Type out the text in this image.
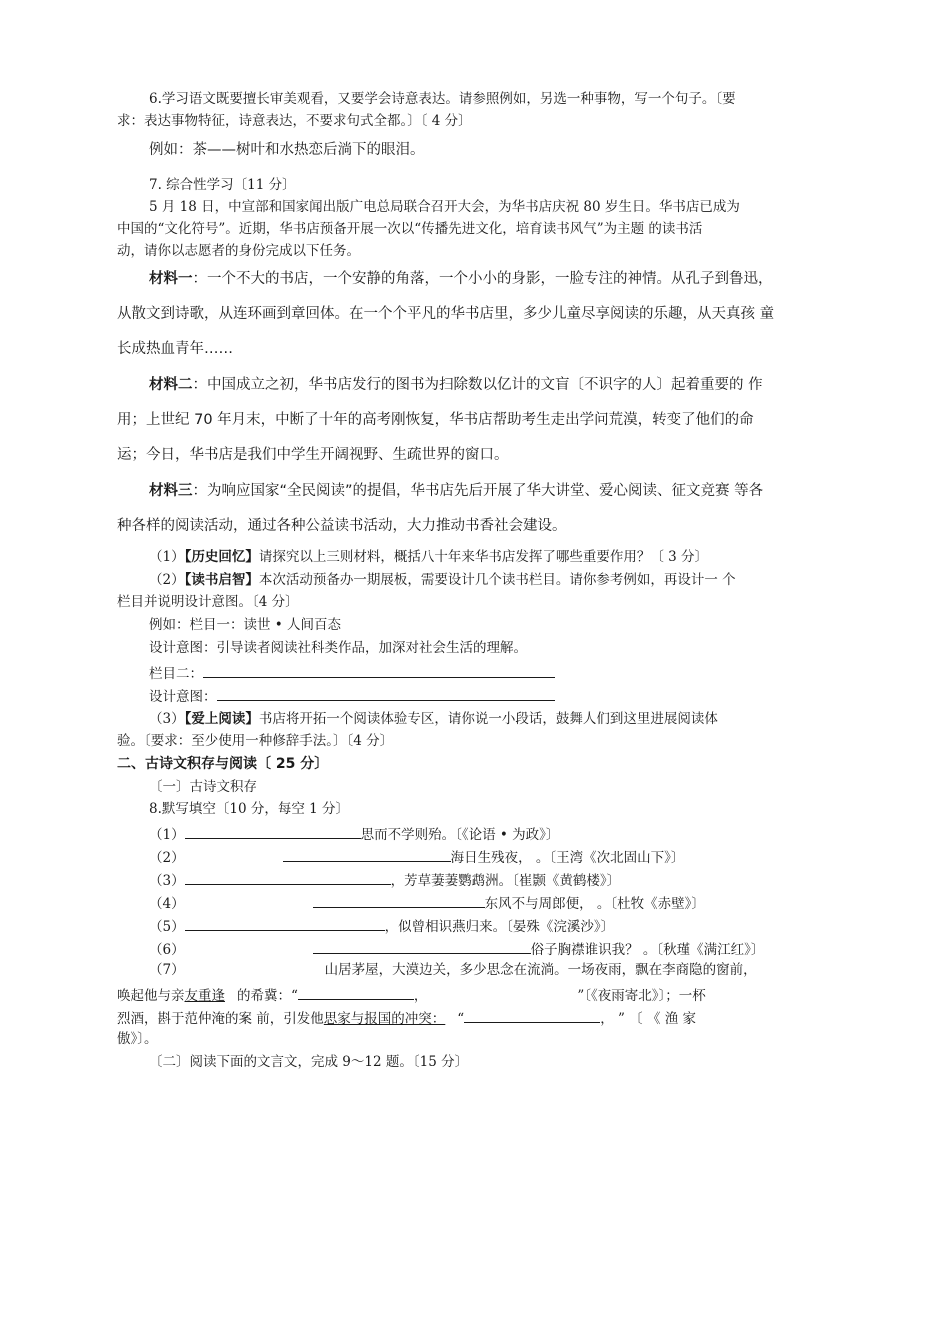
6.学习语文既要擅长审美观看，又要学会诗意表达。请参照例如，另选一种事物，写一个句子。〔要
求：表达事物特征，诗意表达，不要求句式全都。〕〔 4 分〕
例如：茶——树叶和水热恋后淌下的眼泪。
7. 综合性学习〔11 分〕
5 月 18 日，中宣部和国家闻出版广电总局联合召开大会，为华书店庆祝 80 岁生日。华书店已成为
中国的“文化符号”。近期，华书店预备开展一次以“传播先进文化，培育读书风气”为主题 的读书活
动，请你以志愿者的身份完成以下任务。
材料一：一个不大的书店，一个安静的角落，一个小小的身影，一脸专注的神情。从孔子到鲁迅，
从散文到诗歌，从连环画到章回体。在一个个平凡的华书店里，多少儿童尽享阅读的乐趣，从天真孩 童
长成热血青年……
材料二：中国成立之初，华书店发行的图书为扫除数以亿计的文盲〔不识字的人〕起着重要的 作
用；上世纪 70 年月末，中断了十年的高考刚恢复，华书店帮助考生走出学问荒漠，转变了他们的命
运；今日，华书店是我们中学生开阔视野、生疏世界的窗口。
材料三：为响应国家“全民阅读”的提倡，华书店先后开展了华大讲堂、爱心阅读、征文竞赛 等各
种各样的阅读活动，通过各种公益读书活动，大力推动书香社会建设。
（1）【历史回忆】请探究以上三则材料，概括八十年来华书店发挥了哪些重要作用？〔 3 分〕
（2）【读书启智】本次活动预备办一期展板，需要设计几个读书栏目。请你参考例如，再设计一 个
栏目并说明设计意图。〔4 分〕
例如：栏目一：读世 • 人间百态
设计意图：引导读者阅读社科类作品，加深对社会生活的理解。
栏目二：
设计意图：
（3）【爱上阅读】书店将开拓一个阅读体验专区，请你说一小段话，鼓舞人们到这里进展阅读体
验。〔要求：至少使用一种修辞手法。〕〔4 分〕
二、古诗文积存与阅读〔 25 分〕
〔一〕古诗文积存
8.默写填空〔10 分，每空 1 分〕
（1）	思而不学则殆。〔《论语 • 为政》〕
（2）	海日生残夜， 。〔王湾《次北固山下》〕
（3）	，芳草萋萋鹦鹉洲。〔崔颢《黄鹤楼》〕
（4）	东风不与周郎便， 。〔杜牧《赤壁》〕
（5）	，似曾相识燕归来。〔晏殊《浣溪沙》〕
（6）	俗子胸襟谁识我？ 。〔秋瑾《满江红》〕
（7）	山居茅屋，大漠边关，多少思念在流淌。一场夜雨，飘在李商隐的窗前，
唤起他与亲友重逢 的希冀：“	，	”〔《夜雨寄北》〕；一杯
烈酒，斟于范仲淹的案 前，引发他思家与报国的冲突： “	， ” 〔 《 渔 家
傲》〕。
〔二〕阅读下面的文言文，完成 9～12 题。〔15 分〕
